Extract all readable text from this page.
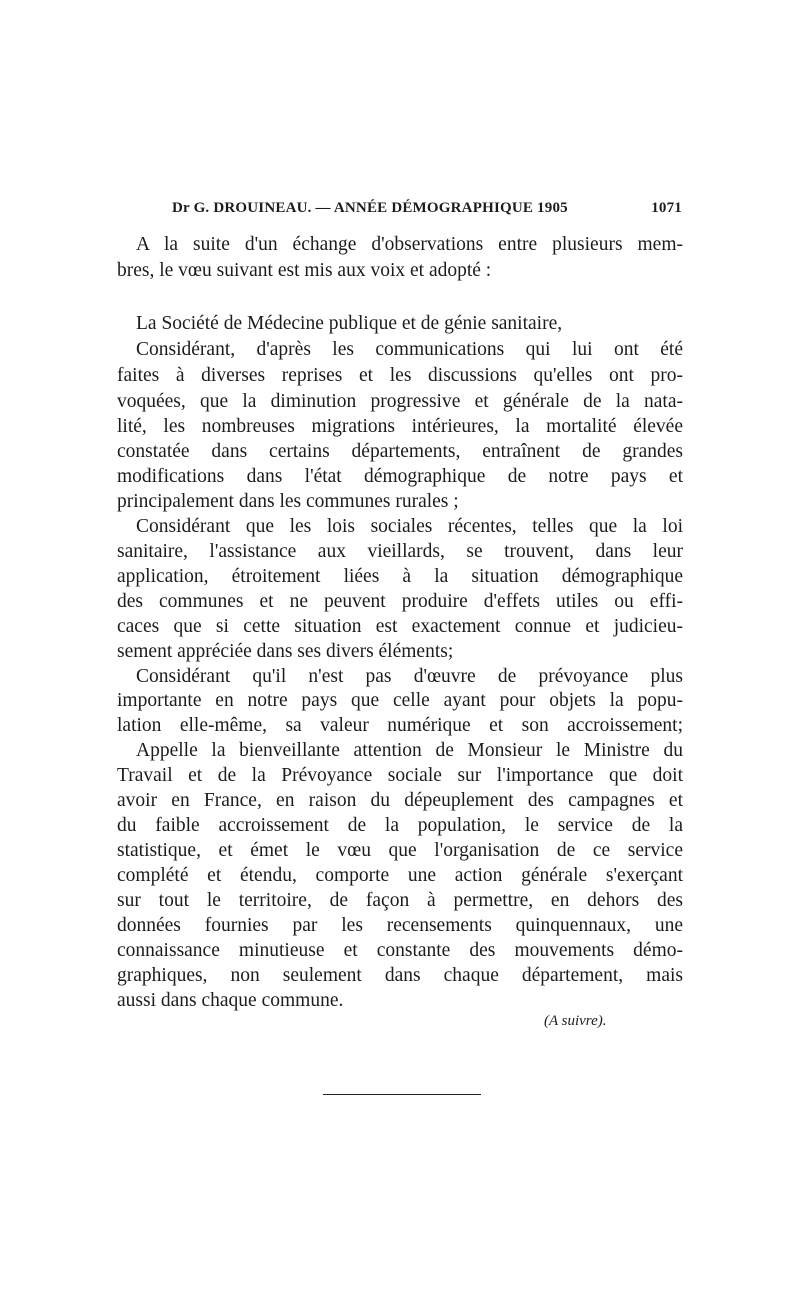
Dr G. DROUINEAU. — ANNÉE DÉMOGRAPHIQUE 1905	1071
A la suite d'un échange d'observations entre plusieurs mem-
bres, le vœu suivant est mis aux voix et adopté :
La Société de Médecine publique et de génie sanitaire,
Considérant, d'après les communications qui lui ont été
faites à diverses reprises et les discussions qu'elles ont pro-
voquées, que la diminution progressive et générale de la nata-
lité, les nombreuses migrations intérieures, la mortalité élevée
constatée dans certains départements, entraînent de grandes
modifications dans l'état démographique de notre pays et
principalement dans les communes rurales ;
Considérant que les lois sociales récentes, telles que la loi
sanitaire, l'assistance aux vieillards, se trouvent, dans leur
application, étroitement liées à la situation démographique
des communes et ne peuvent produire d'effets utiles ou effi-
caces que si cette situation est exactement connue et judicieu-
sement appréciée dans ses divers éléments;
Considérant qu'il n'est pas d'œuvre de prévoyance plus
importante en notre pays que celle ayant pour objets la popu-
lation elle-même, sa valeur numérique et son accroissement;
Appelle la bienveillante attention de Monsieur le Ministre du
Travail et de la Prévoyance sociale sur l'importance que doit
avoir en France, en raison du dépeuplement des campagnes et
du faible accroissement de la population, le service de la
statistique, et émet le vœu que l'organisation de ce service
complété et étendu, comporte une action générale s'exerçant
sur tout le territoire, de façon à permettre, en dehors des
données fournies par les recensements quinquennaux, une
connaissance minutieuse et constante des mouvements démo-
graphiques, non seulement dans chaque département, mais
aussi dans chaque commune.
(A suivre).
